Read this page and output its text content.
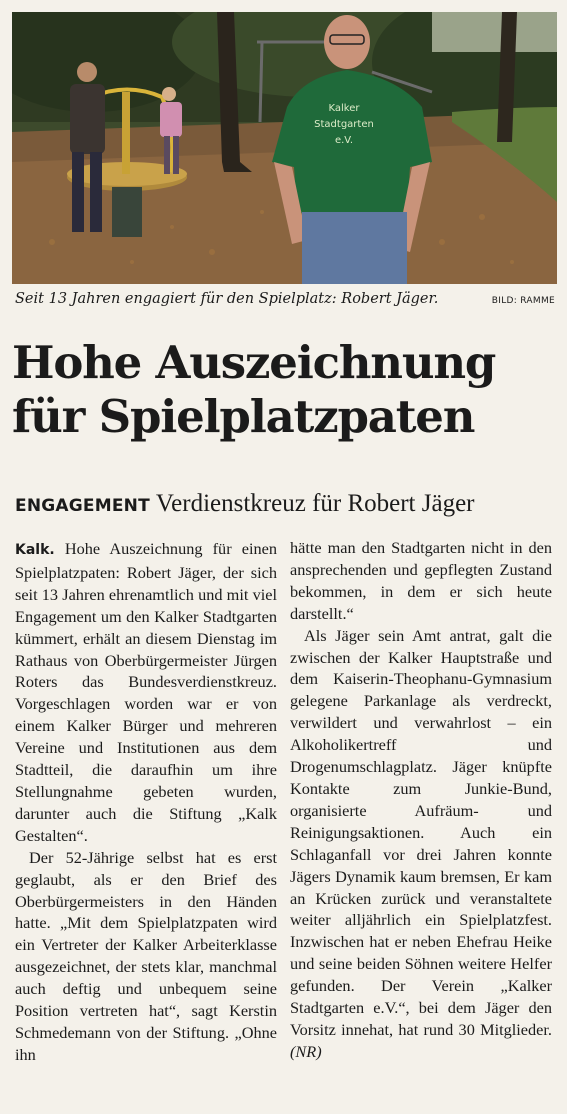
Kalker
Stadtgarten
e.V.
Seit 13 Jahren engagiert für den Spielplatz: Robert Jäger.	BILD: RAMME
Hohe Auszeichnung
für Spielplatzpaten
ENGAGEMENT Verdienstkreuz für Robert Jäger

Kalk. Hohe Auszeichnung für einen Spielplatzpaten: Robert Jäger, der sich seit 13 Jahren ehrenamtlich und mit viel Engagement um den Kalker Stadtgarten kümmert, erhält an diesem Dienstag im Rathaus von Oberbürgermeister Jürgen Roters das Bundesverdienstkreuz. Vorgeschlagen worden war er von einem Kalker Bürger und mehreren Vereine und Institutionen aus dem Stadtteil, die daraufhin um ihre Stellungnahme gebeten wurden, darunter auch die Stiftung „Kalk Gestalten“.

Der 52-Jährige selbst hat es erst geglaubt, als er den Brief des Oberbürgermeisters in den Händen hatte. „Mit dem Spielplatzpaten wird ein Vertreter der Kalker Arbeiterklasse ausgezeichnet, der stets klar, manchmal auch deftig und unbequem seine Position vertreten hat“, sagt Kerstin Schmedemann von der Stiftung. „Ohne ihn

hätte man den Stadtgarten nicht in den ansprechenden und gepflegten Zustand bekommen, in dem er sich heute darstellt.“

Als Jäger sein Amt antrat, galt die zwischen der Kalker Hauptstraße und dem Kaiserin-Theophanu-Gymnasium gelegene Parkanlage als verdreckt, verwildert und verwahrlost – ein Alkoholikertreff und Drogenumschlagplatz. Jäger knüpfte Kontakte zum Junkie-Bund, organisierte Aufräum- und Reinigungsaktionen. Auch ein Schlaganfall vor drei Jahren konnte Jägers Dynamik kaum bremsen, Er kam an Krücken zurück und veranstaltete weiter alljährlich ein Spielplatzfest. Inzwischen hat er neben Ehefrau Heike und seine beiden Söhnen weitere Helfer gefunden. Der Verein „Kalker Stadtgarten e.V.“, bei dem Jäger den Vorsitz innehat, hat rund 30 Mitglieder. (NR)
